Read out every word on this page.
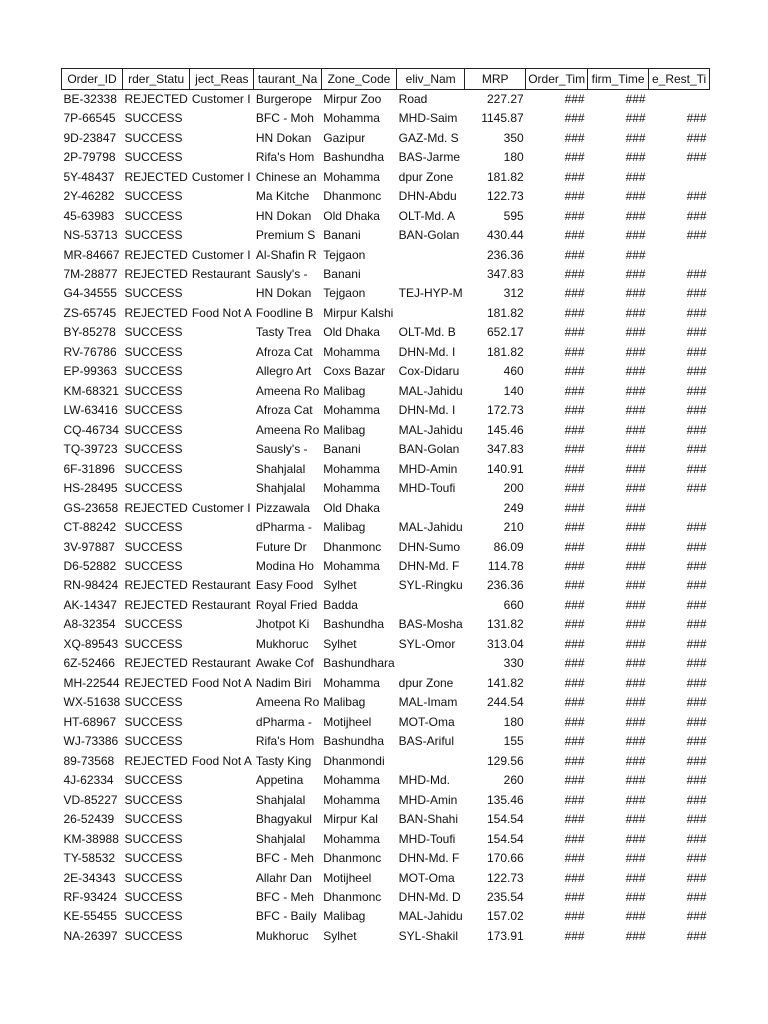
Order_ID	rder_Statu	ject_Reas	taurant_Na	Zone_Code	eliv_Nam	MRP	Order_Tim	firm_Time	e_Rest_Ti
BE-32338	REJECTED	Customer I	Burgerope	Mirpur Zoo	Road	227.27	###	###	
7P-66545	SUCCESS		BFC - Moh	Mohamma	MHD-Saim	1145.87	###	###	###
9D-23847	SUCCESS		HN Dokan	Gazipur	GAZ-Md. S	350	###	###	###
2P-79798	SUCCESS		Rifa's Hom	Bashundha	BAS-Jarme	180	###	###	###
5Y-48437	REJECTED	Customer I	Chinese an	Mohamma	dpur Zone	181.82	###	###	
2Y-46282	SUCCESS		Ma Kitche	Dhanmonc	DHN-Abdu	122.73	###	###	###
45-63983	SUCCESS		HN Dokan	Old Dhaka	OLT-Md. A	595	###	###	###
NS-53713	SUCCESS		Premium S	Banani	BAN-Golan	430.44	###	###	###
MR-84667	REJECTED	Customer I	Al-Shafin R	Tejgaon		236.36	###	###	
7M-28877	REJECTED	Restaurant	Sausly's -	Banani		347.83	###	###	###
G4-34555	SUCCESS		HN Dokan	Tejgaon	TEJ-HYP-M	312	###	###	###
ZS-65745	REJECTED	Food Not A	Foodline B	Mirpur Kalshi		181.82	###	###	###
BY-85278	SUCCESS		Tasty Trea	Old Dhaka	OLT-Md. B	652.17	###	###	###
RV-76786	SUCCESS		Afroza Cat	Mohamma	DHN-Md. I	181.82	###	###	###
EP-99363	SUCCESS		Allegro Art	Coxs Bazar	Cox-Didaru	460	###	###	###
KM-68321	SUCCESS		Ameena Ro	Malibag	MAL-Jahidu	140	###	###	###
LW-63416	SUCCESS		Afroza Cat	Mohamma	DHN-Md. I	172.73	###	###	###
CQ-46734	SUCCESS		Ameena Ro	Malibag	MAL-Jahidu	145.46	###	###	###
TQ-39723	SUCCESS		Sausly's -	Banani	BAN-Golan	347.83	###	###	###
6F-31896	SUCCESS		Shahjalal	Mohamma	MHD-Amin	140.91	###	###	###
HS-28495	SUCCESS		Shahjalal	Mohamma	MHD-Toufi	200	###	###	###
GS-23658	REJECTED	Customer I	Pizzawala	Old Dhaka		249	###	###	
CT-88242	SUCCESS		dPharma -	Malibag	MAL-Jahidu	210	###	###	###
3V-97887	SUCCESS		Future Dr	Dhanmonc	DHN-Sumo	86.09	###	###	###
D6-52882	SUCCESS		Modina Ho	Mohamma	DHN-Md. F	114.78	###	###	###
RN-98424	REJECTED	Restaurant	Easy Food	Sylhet	SYL-Ringku	236.36	###	###	###
AK-14347	REJECTED	Restaurant	Royal Fried	Badda		660	###	###	###
A8-32354	SUCCESS		Jhotpot Ki	Bashundha	BAS-Mosha	131.82	###	###	###
XQ-89543	SUCCESS		Mukhoruc	Sylhet	SYL-Omor	313.04	###	###	###
6Z-52466	REJECTED	Restaurant	Awake Cof	Bashundhara		330	###	###	###
MH-22544	REJECTED	Food Not A	Nadim Biri	Mohamma	dpur Zone	141.82	###	###	###
WX-51638	SUCCESS		Ameena Ro	Malibag	MAL-Imam	244.54	###	###	###
HT-68967	SUCCESS		dPharma -	Motijheel	MOT-Oma	180	###	###	###
WJ-73386	SUCCESS		Rifa's Hom	Bashundha	BAS-Ariful	155	###	###	###
89-73568	REJECTED	Food Not A	Tasty King	Dhanmondi		129.56	###	###	###
4J-62334	SUCCESS		Appetina	Mohamma	MHD-Md.	260	###	###	###
VD-85227	SUCCESS		Shahjalal	Mohamma	MHD-Amin	135.46	###	###	###
26-52439	SUCCESS		Bhagyakul	Mirpur Kal	BAN-Shahi	154.54	###	###	###
KM-38988	SUCCESS		Shahjalal	Mohamma	MHD-Toufi	154.54	###	###	###
TY-58532	SUCCESS		BFC - Meh	Dhanmonc	DHN-Md. F	170.66	###	###	###
2E-34343	SUCCESS		Allahr Dan	Motijheel	MOT-Oma	122.73	###	###	###
RF-93424	SUCCESS		BFC - Meh	Dhanmonc	DHN-Md. D	235.54	###	###	###
KE-55455	SUCCESS		BFC - Baily	Malibag	MAL-Jahidu	157.02	###	###	###
NA-26397	SUCCESS		Mukhoruc	Sylhet	SYL-Shakil	173.91	###	###	###
